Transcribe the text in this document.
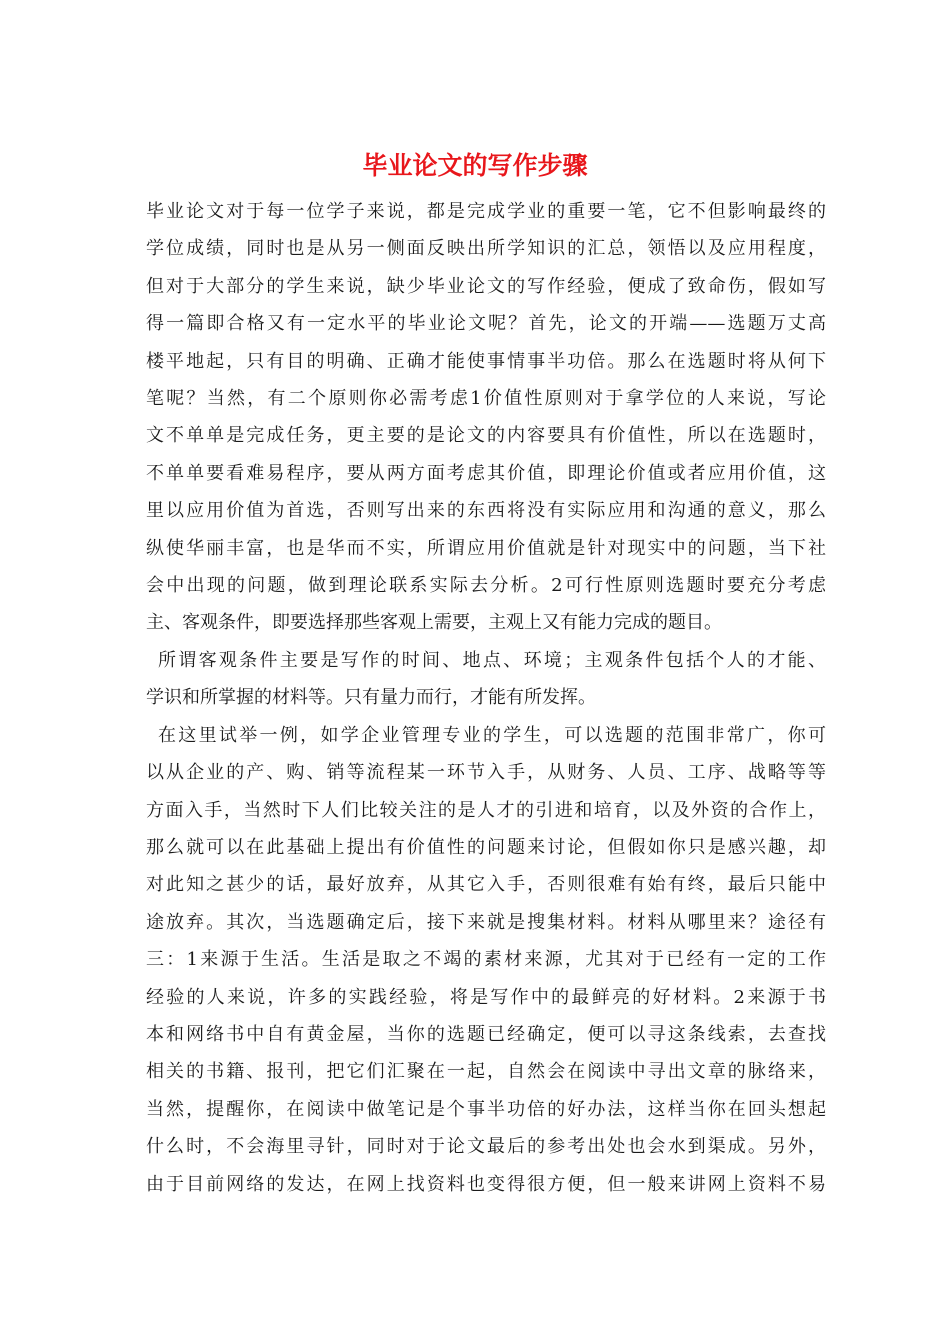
毕业论文的写作步骤
毕业论文对于每一位学子来说，都是完成学业的重要一笔，它不但影响最终的
学位成绩，同时也是从另一侧面反映出所学知识的汇总，领悟以及应用程度，
但对于大部分的学生来说，缺少毕业论文的写作经验，便成了致命伤，假如写
得一篇即合格又有一定水平的毕业论文呢？首先，论文的开端——选题万丈高
楼平地起，只有目的明确、正确才能使事情事半功倍。那么在选题时将从何下
笔呢？当然，有二个原则你必需考虑1价值性原则对于拿学位的人来说，写论
文不单单是完成任务，更主要的是论文的内容要具有价值性，所以在选题时，
不单单要看难易程序，要从两方面考虑其价值，即理论价值或者应用价值，这
里以应用价值为首选，否则写出来的东西将没有实际应用和沟通的意义，那么
纵使华丽丰富，也是华而不实，所谓应用价值就是针对现实中的问题，当下社
会中出现的问题，做到理论联系实际去分析。2可行性原则选题时要充分考虑
主、客观条件，即要选择那些客观上需要，主观上又有能力完成的题目。
所谓客观条件主要是写作的时间、地点、环境；主观条件包括个人的才能、
学识和所掌握的材料等。只有量力而行，才能有所发挥。
在这里试举一例，如学企业管理专业的学生，可以选题的范围非常广，你可
以从企业的产、购、销等流程某一环节入手，从财务、人员、工序、战略等等
方面入手，当然时下人们比较关注的是人才的引进和培育，以及外资的合作上，
那么就可以在此基础上提出有价值性的问题来讨论，但假如你只是感兴趣，却
对此知之甚少的话，最好放弃，从其它入手，否则很难有始有终，最后只能中
途放弃。其次，当选题确定后，接下来就是搜集材料。材料从哪里来？途径有
三：1来源于生活。生活是取之不竭的素材来源，尤其对于已经有一定的工作
经验的人来说，许多的实践经验，将是写作中的最鲜亮的好材料。2来源于书
本和网络书中自有黄金屋，当你的选题已经确定，便可以寻这条线索，去查找
相关的书籍、报刊，把它们汇聚在一起，自然会在阅读中寻出文章的脉络来，
当然，提醒你，在阅读中做笔记是个事半功倍的好办法，这样当你在回头想起
什么时，不会海里寻针，同时对于论文最后的参考出处也会水到渠成。另外，
由于目前网络的发达，在网上找资料也变得很方便，但一般来讲网上资料不易
